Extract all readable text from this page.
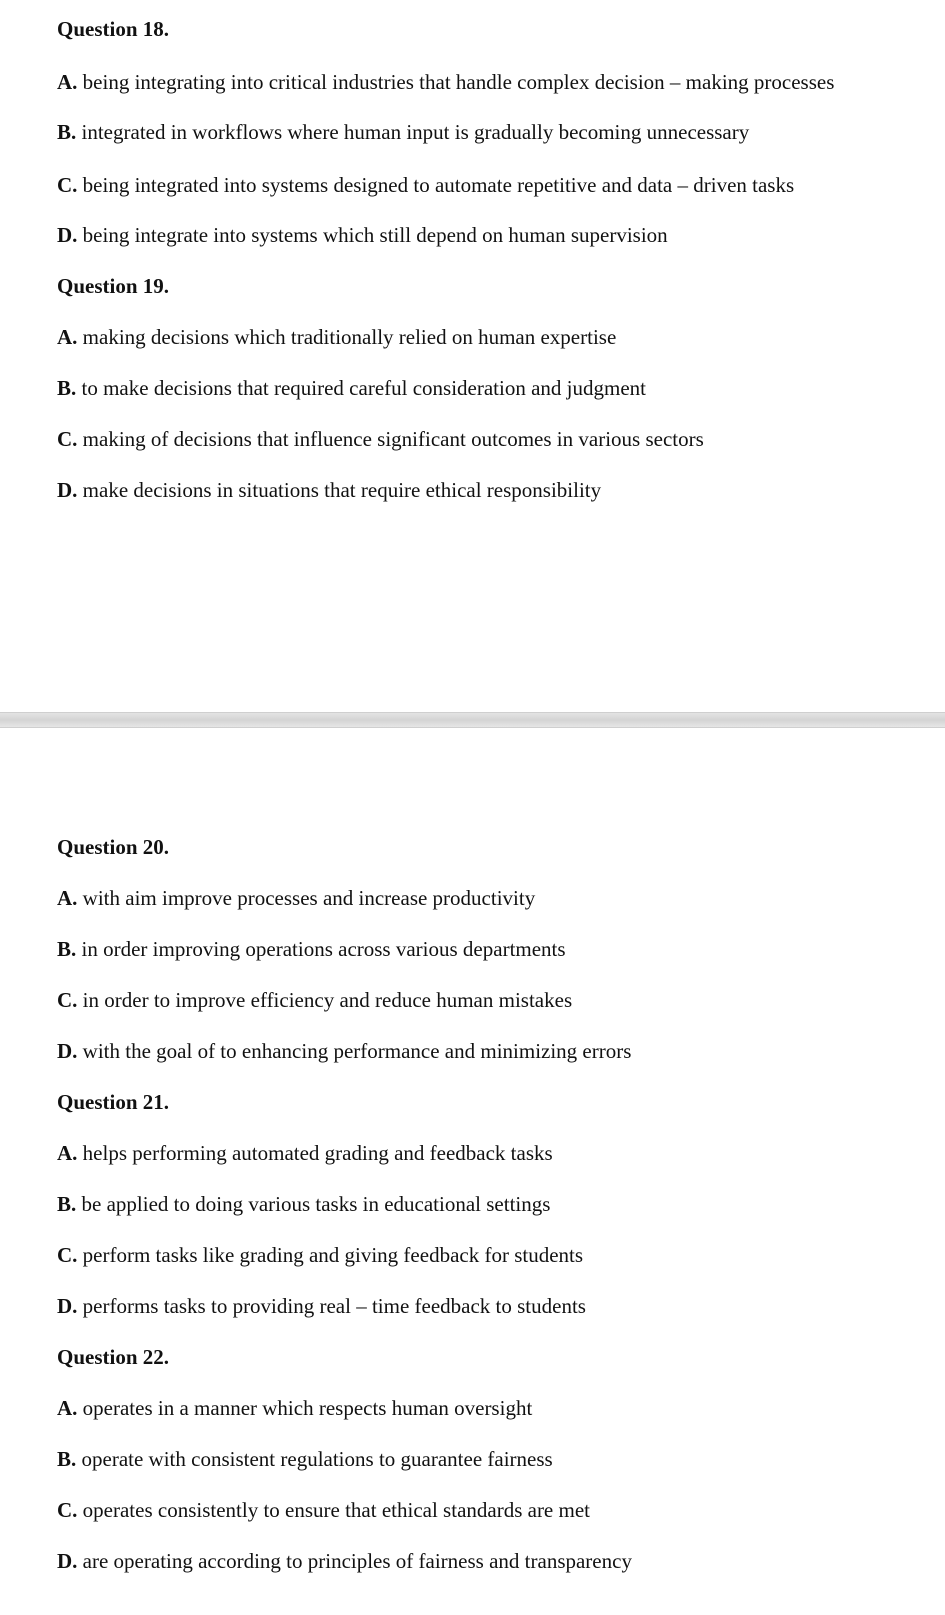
Question 18.
A. being integrating into critical industries that handle complex decision – making processes
B. integrated in workflows where human input is gradually becoming unnecessary
C. being integrated into systems designed to automate repetitive and data – driven tasks
D. being integrate into systems which still depend on human supervision
Question 19.
A. making decisions which traditionally relied on human expertise
B. to make decisions that required careful consideration and judgment
C. making of decisions that influence significant outcomes in various sectors
D. make decisions in situations that require ethical responsibility
Question 20.
A. with aim improve processes and increase productivity
B. in order improving operations across various departments
C. in order to improve efficiency and reduce human mistakes
D. with the goal of to enhancing performance and minimizing errors
Question 21.
A. helps performing automated grading and feedback tasks
B. be applied to doing various tasks in educational settings
C. perform tasks like grading and giving feedback for students
D. performs tasks to providing real – time feedback to students
Question 22.
A. operates in a manner which respects human oversight
B. operate with consistent regulations to guarantee fairness
C. operates consistently to ensure that ethical standards are met
D. are operating according to principles of fairness and transparency
